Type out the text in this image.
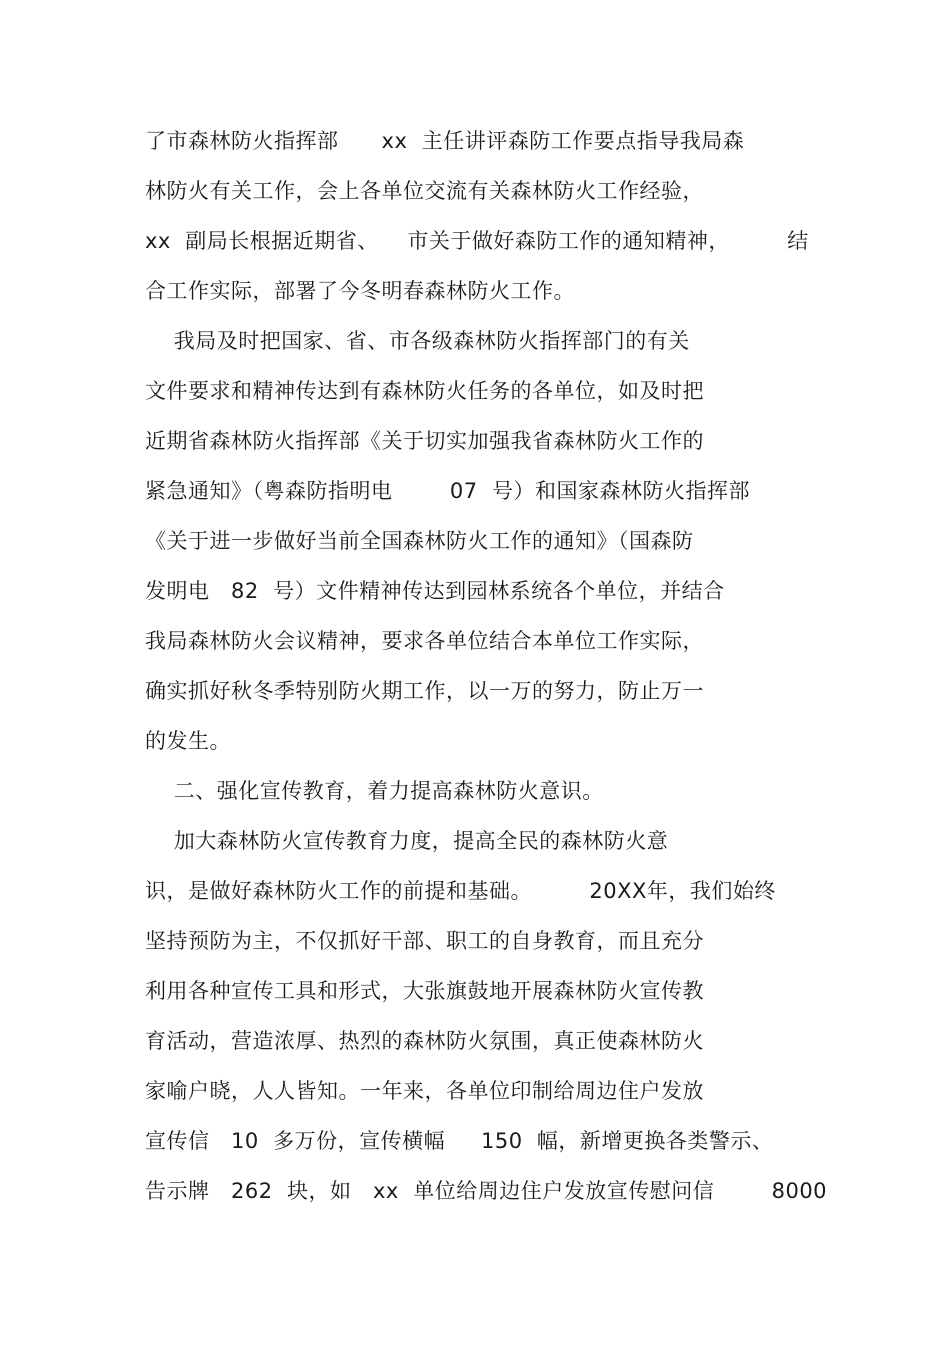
了市森林防火指挥部      xx  主任讲评森防工作要点指导我局森
林防火有关工作，会上各单位交流有关森林防火工作经验，
xx  副局长根据近期省、    市关于做好森防工作的通知精神，        结
合工作实际，部署了今冬明春森林防火工作。
我局及时把国家、省、市各级森林防火指挥部门的有关
文件要求和精神传达到有森林防火任务的各单位，如及时把
近期省森林防火指挥部《关于切实加强我省森林防火工作的
紧急通知》（粤森防指明电        07  号）和国家森林防火指挥部
《关于进一步做好当前全国森林防火工作的通知》（国森防
发明电   82  号）文件精神传达到园林系统各个单位，并结合
我局森林防火会议精神，要求各单位结合本单位工作实际，
确实抓好秋冬季特别防火期工作，以一万的努力，防止万一
的发生。
二、强化宣传教育，着力提高森林防火意识。
加大森林防火宣传教育力度，提高全民的森林防火意
识，是做好森林防火工作的前提和基础。        20XX年，我们始终
坚持预防为主，不仅抓好干部、职工的自身教育，而且充分
利用各种宣传工具和形式，大张旗鼓地开展森林防火宣传教
育活动，营造浓厚、热烈的森林防火氛围，真正使森林防火
家喻户晓，人人皆知。一年来，各单位印制给周边住户发放
宣传信   10  多万份，宣传横幅     150  幅，新增更换各类警示、
告示牌   262  块，如   xx  单位给周边住户发放宣传慰问信        8000
